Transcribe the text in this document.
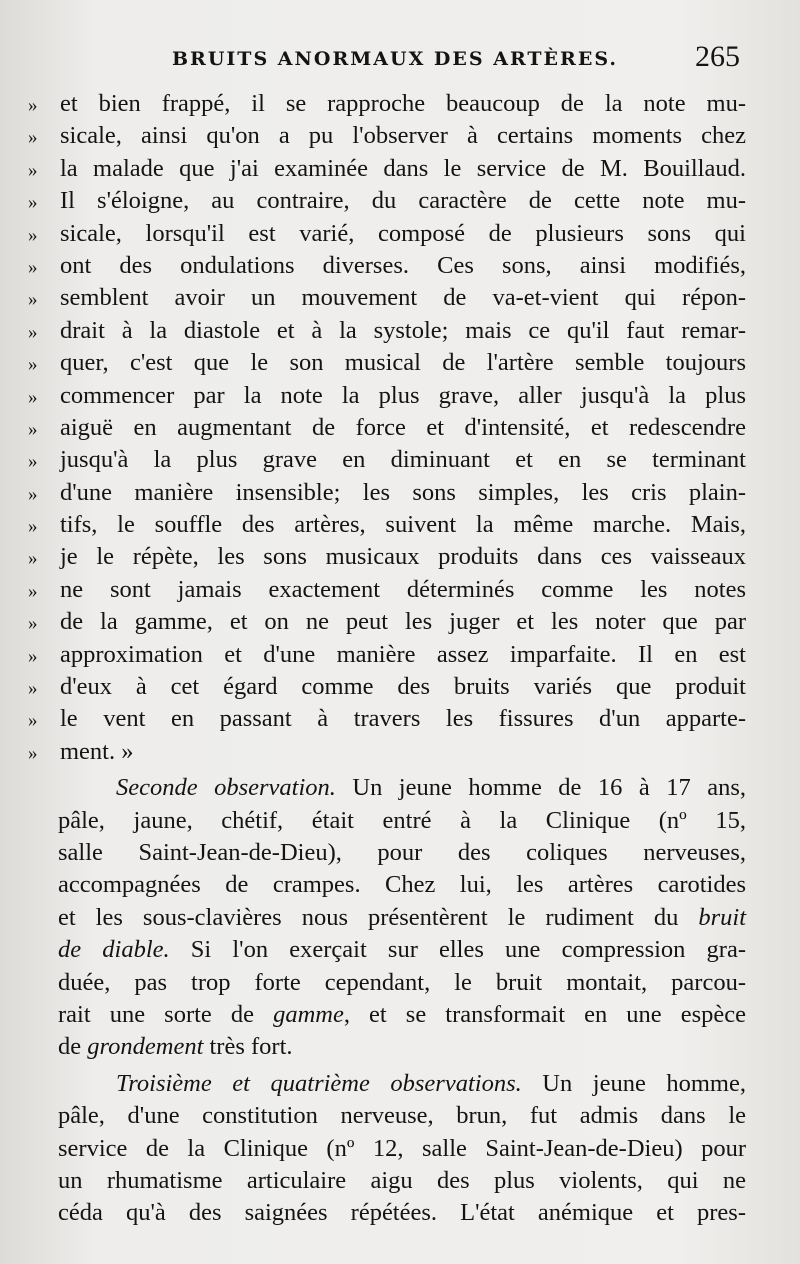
BRUITS ANORMAUX DES ARTÈRES.	265
» et bien frappé, il se rapproche beaucoup de la note mu-
» sicale, ainsi qu'on a pu l'observer à certains moments chez
» la malade que j'ai examinée dans le service de M. Bouillaud.
» Il s'éloigne, au contraire, du caractère de cette note mu-
» sicale, lorsqu'il est varié, composé de plusieurs sons qui
» ont des ondulations diverses. Ces sons, ainsi modifiés,
» semblent avoir un mouvement de va-et-vient qui répon-
» drait à la diastole et à la systole; mais ce qu'il faut remar-
» quer, c'est que le son musical de l'artère semble toujours
» commencer par la note la plus grave, aller jusqu'à la plus
» aiguë en augmentant de force et d'intensité, et redescendre
» jusqu'à la plus grave en diminuant et en se terminant
» d'une manière insensible; les sons simples, les cris plain-
» tifs, le souffle des artères, suivent la même marche. Mais,
» je le répète, les sons musicaux produits dans ces vaisseaux
» ne sont jamais exactement déterminés comme les notes
» de la gamme, et on ne peut les juger et les noter que par
» approximation et d'une manière assez imparfaite. Il en est
» d'eux à cet égard comme des bruits variés que produit
» le vent en passant à travers les fissures d'un apparte-
» ment. »
Seconde observation. Un jeune homme de 16 à 17 ans,
pâle, jaune, chétif, était entré à la Clinique (nº 15,
salle Saint-Jean-de-Dieu), pour des coliques nerveuses,
accompagnées de crampes. Chez lui, les artères carotides
et les sous-clavières nous présentèrent le rudiment du bruit
de diable. Si l'on exerçait sur elles une compression gra-
duée, pas trop forte cependant, le bruit montait, parcou-
rait une sorte de gamme, et se transformait en une espèce
de grondement très fort.
Troisième et quatrième observations. Un jeune homme,
pâle, d'une constitution nerveuse, brun, fut admis dans le
service de la Clinique (nº 12, salle Saint-Jean-de-Dieu) pour
un rhumatisme articulaire aigu des plus violents, qui ne
céda qu'à des saignées répétées. L'état anémique et pres-
